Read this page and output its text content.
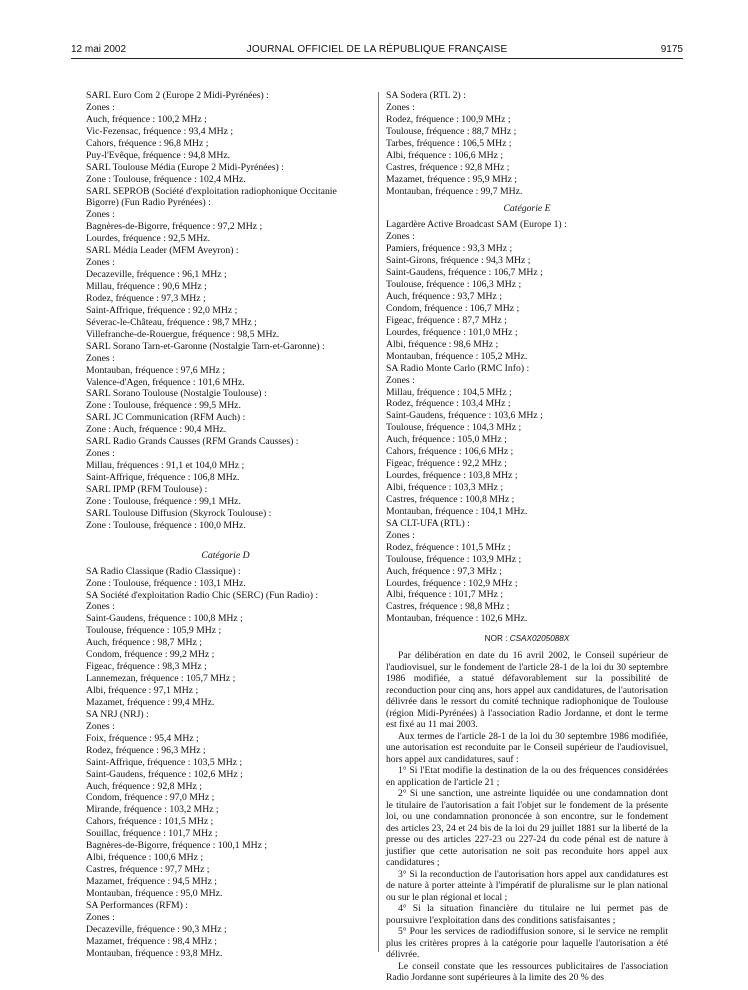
12 mai 2002	JOURNAL OFFICIEL DE LA RÉPUBLIQUE FRANÇAISE	9175
SARL Euro Com 2 (Europe 2 Midi-Pyrénées) :
Zones :
Auch, fréquence : 100,2 MHz ;
Vic-Fezensac, fréquence : 93,4 MHz ;
Cahors, fréquence : 96,8 MHz ;
Puy-l'Evêque, fréquence : 94,8 MHz.
SARL Toulouse Média (Europe 2 Midi-Pyrénées) :
Zone : Toulouse, fréquence : 102,4 MHz.
SARL SEPROB (Société d'exploitation radiophonique Occitanie
Bigorre) (Fun Radio Pyrénées) :
Zones :
Bagnères-de-Bigorre, fréquence : 97,2 MHz ;
Lourdes, fréquence : 92,5 MHz.
SARL Média Leader (MFM Aveyron) :
Zones :
Decazeville, fréquence : 96,1 MHz ;
Millau, fréquence : 90,6 MHz ;
Rodez, fréquence : 97,3 MHz ;
Saint-Affrique, fréquence : 92,0 MHz ;
Séverac-le-Château, fréquence : 98,7 MHz ;
Villefranche-de-Rouergue, fréquence : 98,5 MHz.
SARL Sorano Tarn-et-Garonne (Nostalgie Tarn-et-Garonne) :
Zones :
Montauban, fréquence : 97,6 MHz ;
Valence-d'Agen, fréquence : 101,6 MHz.
SARL Sorano Toulouse (Nostalgie Toulouse) :
Zone : Toulouse, fréquence : 99,5 MHz.
SARL JC Communication (RFM Auch) :
Zone : Auch, fréquence : 90,4 MHz.
SARL Radio Grands Causses (RFM Grands Causses) :
Zones :
Millau, fréquences : 91,1 et 104,0 MHz ;
Saint-Affrique, fréquence : 106,8 MHz.
SARL IPMP (RFM Toulouse) :
Zone : Toulouse, fréquence : 99,1 MHz.
SARL Toulouse Diffusion (Skyrock Toulouse) :
Zone : Toulouse, fréquence : 100,0 MHz.
Catégorie D
SA Radio Classique (Radio Classique) :
Zone : Toulouse, fréquence : 103,1 MHz.
SA Société d'exploitation Radio Chic (SERC) (Fun Radio) :
Zones :
Saint-Gaudens, fréquence : 100,8 MHz ;
Toulouse, fréquence : 105,9 MHz ;
Auch, fréquence : 98,7 MHz ;
Condom, fréquence : 99,2 MHz ;
Figeac, fréquence : 98,3 MHz ;
Lannemezan, fréquence : 105,7 MHz ;
Albi, fréquence : 97,1 MHz ;
Mazamet, fréquence : 99,4 MHz.
SA NRJ (NRJ) :
Zones :
Foix, fréquence : 95,4 MHz ;
Rodez, fréquence : 96,3 MHz ;
Saint-Affrique, fréquence : 103,5 MHz ;
Saint-Gaudens, fréquence : 102,6 MHz ;
Auch, fréquence : 92,8 MHz ;
Condom, fréquence : 97,0 MHz ;
Mirande, fréquence : 103,2 MHz ;
Cahors, fréquence : 101,5 MHz ;
Souillac, fréquence : 101,7 MHz ;
Bagnères-de-Bigorre, fréquence : 100,1 MHz ;
Albi, fréquence : 100,6 MHz ;
Castres, fréquence : 97,7 MHz ;
Mazamet, fréquence : 94,5 MHz ;
Montauban, fréquence : 95,0 MHz.
SA Performances (RFM) :
Zones :
Decazeville, fréquence : 90,3 MHz ;
Mazamet, fréquence : 98,4 MHz ;
Montauban, fréquence : 93,8 MHz.
SA Sodera (RTL 2) :
Zones :
Rodez, fréquence : 100,9 MHz ;
Toulouse, fréquence : 88,7 MHz ;
Tarbes, fréquence : 106,5 MHz ;
Albi, fréquence : 106,6 MHz ;
Castres, fréquence : 92,8 MHz ;
Mazamet, fréquence : 95,9 MHz ;
Montauban, fréquence : 99,7 MHz.
Catégorie E
Lagardère Active Broadcast SAM (Europe 1) :
Zones :
Pamiers, fréquence : 93,3 MHz ;
Saint-Girons, fréquence : 94,3 MHz ;
Saint-Gaudens, fréquence : 106,7 MHz ;
Toulouse, fréquence : 106,3 MHz ;
Auch, fréquence : 93,7 MHz ;
Condom, fréquence : 106,7 MHz ;
Figeac, fréquence : 87,7 MHz ;
Lourdes, fréquence : 101,0 MHz ;
Albi, fréquence : 98,6 MHz ;
Montauban, fréquence : 105,2 MHz.
SA Radio Monte Carlo (RMC Info) :
Zones :
Millau, fréquence : 104,5 MHz ;
Rodez, fréquence : 103,4 MHz ;
Saint-Gaudens, fréquence : 103,6 MHz ;
Toulouse, fréquence : 104,3 MHz ;
Auch, fréquence : 105,0 MHz ;
Cahors, fréquence : 106,6 MHz ;
Figeac, fréquence : 92,2 MHz ;
Lourdes, fréquence : 103,8 MHz ;
Albi, fréquence : 103,3 MHz ;
Castres, fréquence : 100,8 MHz ;
Montauban, fréquence : 104,1 MHz.
SA CLT-UFA (RTL) :
Zones :
Rodez, fréquence : 101,5 MHz ;
Toulouse, fréquence : 103,9 MHz ;
Auch, fréquence : 97,3 MHz ;
Lourdes, fréquence : 102,9 MHz ;
Albi, fréquence : 101,7 MHz ;
Castres, fréquence : 98,8 MHz ;
Montauban, fréquence : 102,6 MHz.
NOR : CSAX0205088X

Par délibération en date du 16 avril 2002, le Conseil supérieur de l'audiovisuel, sur le fondement de l'article 28-1 de la loi du 30 septembre 1986 modifiée, a statué défavorablement sur la possibilité de reconduction pour cinq ans, hors appel aux candidatures, de l'autorisation délivrée dans le ressort du comité technique radiophonique de Toulouse (région Midi-Pyrénées) à l'association Radio Jordanne, et dont le terme est fixé au 11 mai 2003.

Aux termes de l'article 28-1 de la loi du 30 septembre 1986 modifiée, une autorisation est reconduite par le Conseil supérieur de l'audiovisuel, hors appel aux candidatures, sauf :

1° Si l'Etat modifie la destination de la ou des fréquences considérées en application de l'article 21 ;

2° Si une sanction, une astreinte liquidée ou une condamnation dont le titulaire de l'autorisation a fait l'objet sur le fondement de la présente loi, ou une condamnation prononcée à son encontre, sur le fondement des articles 23, 24 et 24 bis de la loi du 29 juillet 1881 sur la liberté de la presse ou des articles 227-23 ou 227-24 du code pénal est de nature à justifier que cette autorisation ne soit pas reconduite hors appel aux candidatures ;

3° Si la reconduction de l'autorisation hors appel aux candidatures est de nature à porter atteinte à l'impératif de pluralisme sur le plan national ou sur le plan régional et local ;

4° Si la situation financière du titulaire ne lui permet pas de poursuivre l'exploitation dans des conditions satisfaisantes ;

5° Pour les services de radiodiffusion sonore, si le service ne remplit plus les critères propres à la catégorie pour laquelle l'autorisation a été délivrée.

Le conseil constate que les ressources publicitaires de l'association Radio Jordanne sont supérieures à la limite des 20 % des
